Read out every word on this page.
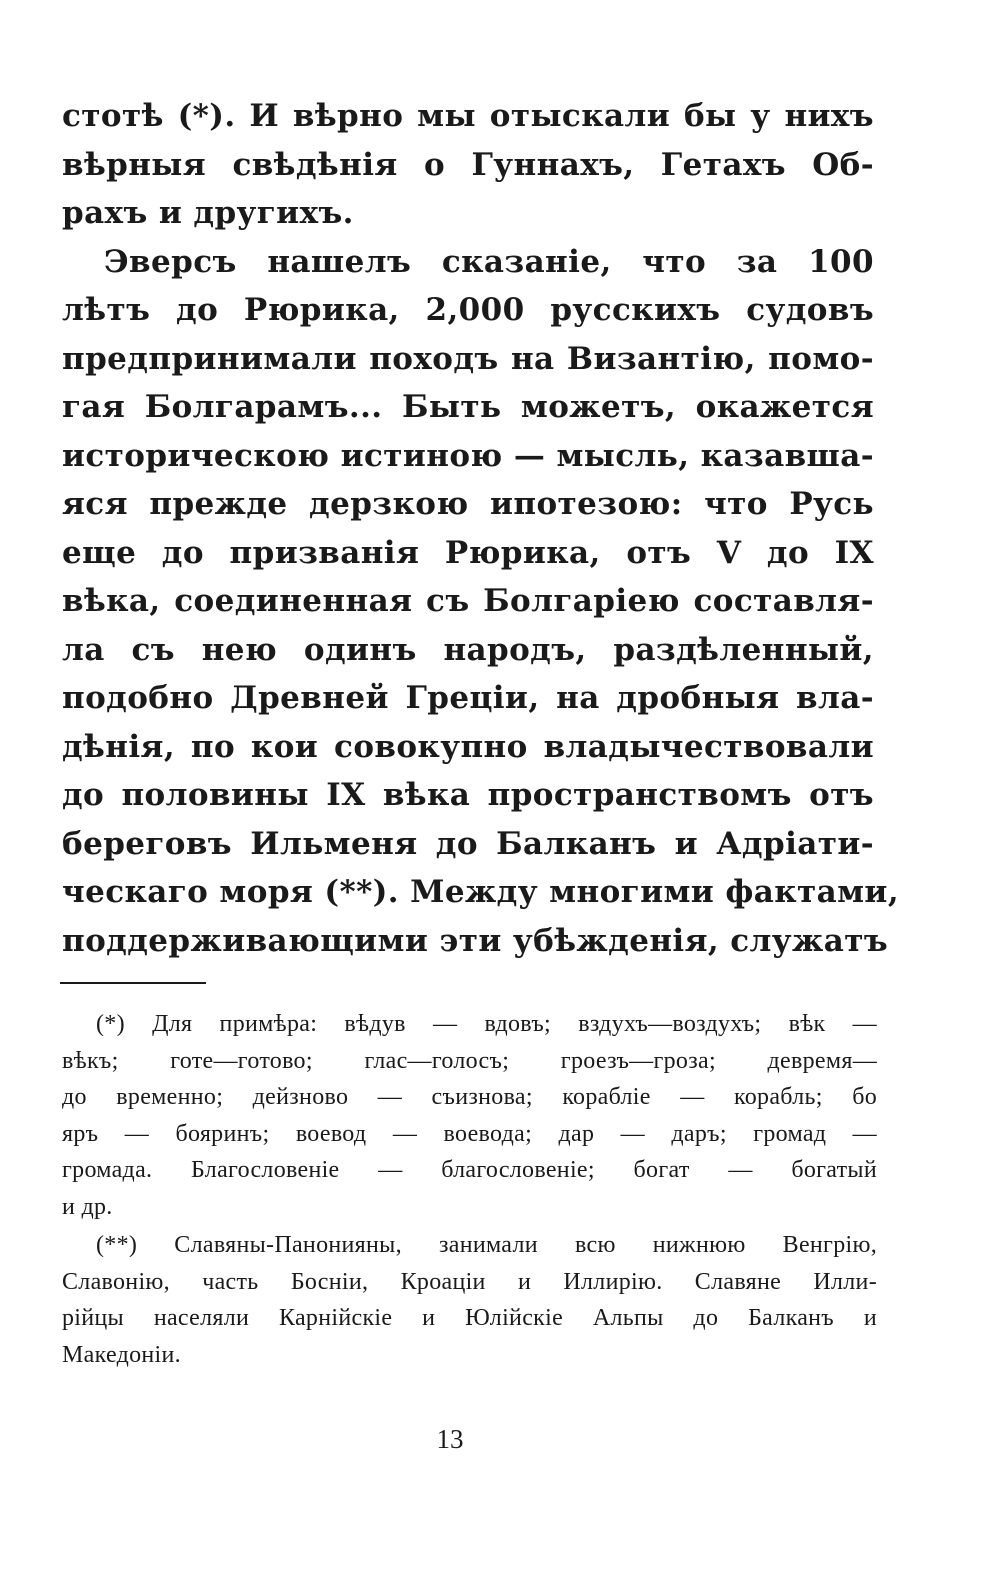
стотѣ (*). И вѣрно мы отыскали бы у нихъ
вѣрныя свѣдѣнія о Гуннахъ, Гетахъ Об-
рахъ и другихъ.
Эверсъ нашелъ сказаніе, что за 100
лѣтъ до Рюрика, 2,000 русскихъ судовъ
предпринимали походъ на Византію, помо-
гая Болгарамъ... Быть можетъ, окажется
историческою истиною — мысль, казавша-
яся прежде дерзкою ипотезою: что Русь
еще до призванія Рюрика, отъ V до IX
вѣка, соединенная съ Болгаріею составля-
ла съ нею одинъ народъ, раздѣленный,
подобно Древней Греціи, на дробныя вла-
дѣнія, по кои совокупно владычествовали
до половины IX вѣка пространствомъ отъ
береговъ Ильменя до Балканъ и Адріати-
ческаго моря (**). Между многими фактами,
поддерживающими эти убѣжденія, служатъ
(*) Для примѣра: вѣдув — вдовъ; вздухъ—воздухъ; вѣк —
вѣкъ; готе—готово; глас—голосъ; гроезъ—гроза; девремя—
до временно; дейзново — съизнова; корабліе — корабль; бо
яръ — бояринъ; воевод — воевода; дар — даръ; громад —
громада. Благословеніе — благословеніе; богат — богатый
и др.
(**) Славяны-Панонияны, занимали всю нижнюю Венгрію,
Славонію, часть Босніи, Кроаціи и Иллирію. Славяне Илли-
рійцы населяли Карнійскіе и Юлійскіе Альпы до Балканъ и
Македоніи.
13
